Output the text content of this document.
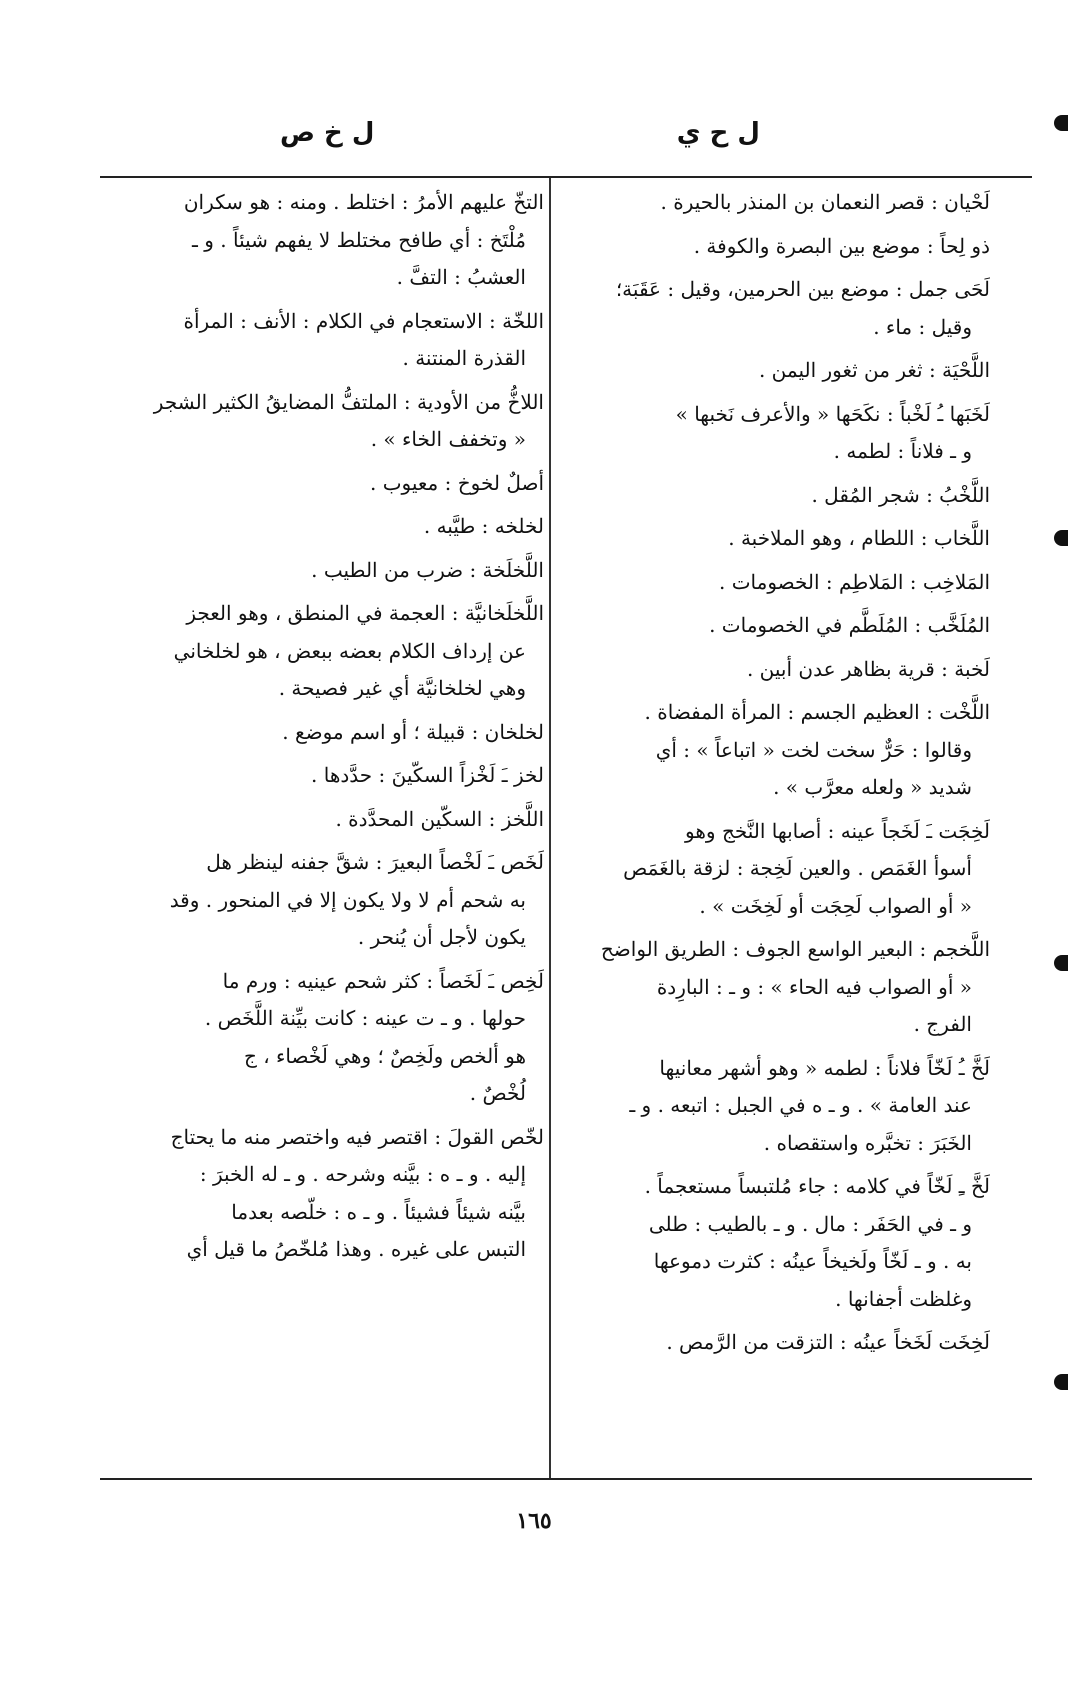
ل ح ي
ل خ ص
لَحْيان : قصر النعمان بن المنذر بالحيرة .
ذو لِحاً : موضع بين البصرة والكوفة .
لَحَى جمل : موضع بين الحرمين، وقيل : عَقَبَة؛
وقيل : ماء .
اللَّحْيَة : ثغر من ثغور اليمن .
لَخَبَها ـُ لَخْباً : نكَحَها « والأعرف نَخبها »
و ـ فلاناً : لطمه .
اللَّخْبُ : شجر المُقل .
اللَّخاب : اللطام ، وهو الملاخبة .
المَلاخِب : المَلاطِم : الخصومات .
المُلَخَّب : المُلَطَّم في الخصومات .
لَخبة : قرية بظاهر عدن أبين .
اللَّخْت : العظيم الجسم : المرأة المفضاة .
وقالوا : حَرٌّ سخت لخت « اتباعاً » : أي
شديد « ولعله معرَّب » .
لَخِجَت ـَ لَخَجاً عينه : أصابها النَّخج وهو
أسوأ الغَمَص . والعين لَخِجة : لزقة بالغَمَص
« أو الصواب لَحِجَت أو لَخِخَت » .
اللَّخجم : البعير الواسع الجوف : الطريق الواضح
« أو الصواب فيه الحاء » : و ـ : البارِدة
الفرج .
لَخَّ ـُ لَخّاً فلاناً : لطمه « وهو أشهر معانيها
عند العامة » . و ـ ه في الجبل : اتبعه . و ـ
الخَبَرَ : تخبَّره واستقصاه .
لَخَّ ـِ لَخّاً في كلامه : جاء مُلتبساً مستعجماً .
و ـ في الحَفَر : مال . و ـ بالطيب : طلى
به . و ـ لَخّاً ولَخيخاً عينُه : كثرت دموعها
وغلظت أجفانها .
لَخِخَت لَخَخاً عينُه : التزقت من الرَّمص .
التخّ عليهم الأمرُ : اختلط . ومنه : هو سكران
مُلْتَخ : أي طافح مختلط لا يفهم شيئاً . و ـ
العشبُ : التفَّ .
اللخّة : الاستعجام في الكلام : الأنف : المرأة
القذرة المنتنة .
اللاخُّ من الأودية : الملتفُّ المضايقُ الكثير الشجر
« وتخفف الخاء » .
أصلٌ لخوخ : معيوب .
لخلخه : طيَّبه .
اللَّخلَخة : ضرب من الطيب .
اللَّخلَخانيَّة : العجمة في المنطق ، وهو العجز
عن إرداف الكلام بعضه ببعض ، هو لخلخاني
وهي لخلخانيَّة أي غير فصيحة .
لخلخان : قبيلة ؛ أو اسم موضع .
لخز ـَ لَخْزاً السكّينَ : حدَّدها .
اللَّخز : السكّين المحدَّدة .
لَخَص ـَ لَخْصاً البعيرَ : شقَّ جفنه لينظر هل
به شحم أم لا ولا يكون إلا في المنحور . وقد
يكون لأجل أن يُنحر .
لَخِص ـَ لَخَصاً : كثر شحم عينيه : ورم ما
حولها . و ـ ت عينه : كانت بيِّنة اللَّخَص .
هو ألخص ولَخِصٌ ؛ وهي لَخْصاء ، ج
لُخْصٌ .
لخّص القولَ : اقتصر فيه واختصر منه ما يحتاج
إليه . و ـ ه : بيَّنه وشرحه . و ـ له الخبرَ :
بيَّنه شيئاً فشيئاً . و ـ ه : خلّصه بعدما
التبس على غيره . وهذا مُلخّصُ ما قيل أي
١٦٥
